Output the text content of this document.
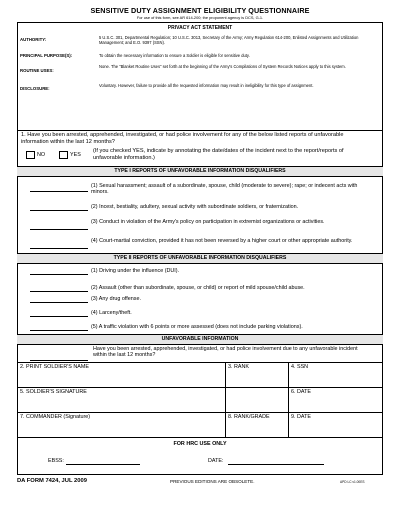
SENSITIVE DUTY ASSIGNMENT ELIGIBILITY QUESTIONNAIRE
For use of this form, see AR 614-200; the proponent agency is DCS, G-1.
PRIVACY ACT STATEMENT
AUTHORITY:	5 U.S.C. 301, Departmental Regulation; 10 U.S.C. 3013, Secretary of the Army; Army Regulation 614-200, Enlisted Assignments and Utilization Management; and E.O. 9397 (SSN).
PRINCIPAL PURPOSE(S):	To obtain the necessary information to ensure a Soldier is eligible for sensitive duty.
ROUTINE USES:
None. The "Blanket Routine Uses" set forth at the beginning of the Army's Compilations of System Records Notices apply to this system.
DISCLOSURE:
Voluntary. However, failure to provide all the requested information may result in ineligibility for this type of assignment.
1. Have you been arrested, apprehended, investigated, or had police involvement for any of the below listed reports of unfavorable information within the last 12 months?
NO	YES
(If you checked YES, indicate by annotating the date/dates of the incident next to the report/reports of unfavorable information.)
TYPE I REPORTS OF UNFAVORABLE INFORMATION DISQUALIFIERS
(1) Sexual harassment; assault of a subordinate, spouse, child (moderate to severe); rape; or indecent acts with minors.
(2) Incest, bestiality, adultery, sexual activity with subordinate soldiers, or fraternization.
(3) Conduct in violation of the Army's policy on participation in extremist organizations or activities.
(4) Court-martial conviction, provided it has not been reversed by a higher court or other appropriate authority.
TYPE II REPORTS OF UNFAVORABLE INFORMATION DISQUALIFIERS
(1) Driving under the influence (DUI).
(2) Assault (other than subordinate, spouse, or child) or report of mild spouse/child abuse.
(3) Any drug offense.
(4) Larceny/theft.
(5) A traffic violation with 6 points or more assessed (does not include parking violations).
UNFAVORABLE INFORMATION
Have you been arrested, apprehended, investigated, or had police involvement due to any unfavorable incident within the last 12 months?
2. PRINT SOLDIER'S NAME	3. RANK	4. SSN
5. SOLDIER'S SIGNATURE	6. DATE
7. COMMANDER (Signature)	8. RANK/GRADE	9. DATE
FOR HRC USE ONLY
EBSS:	DATE:
DA FORM 7424, JUL 2009	PREVIOUS EDITIONS ARE OBSOLETE.	APD LC v1.00ES
